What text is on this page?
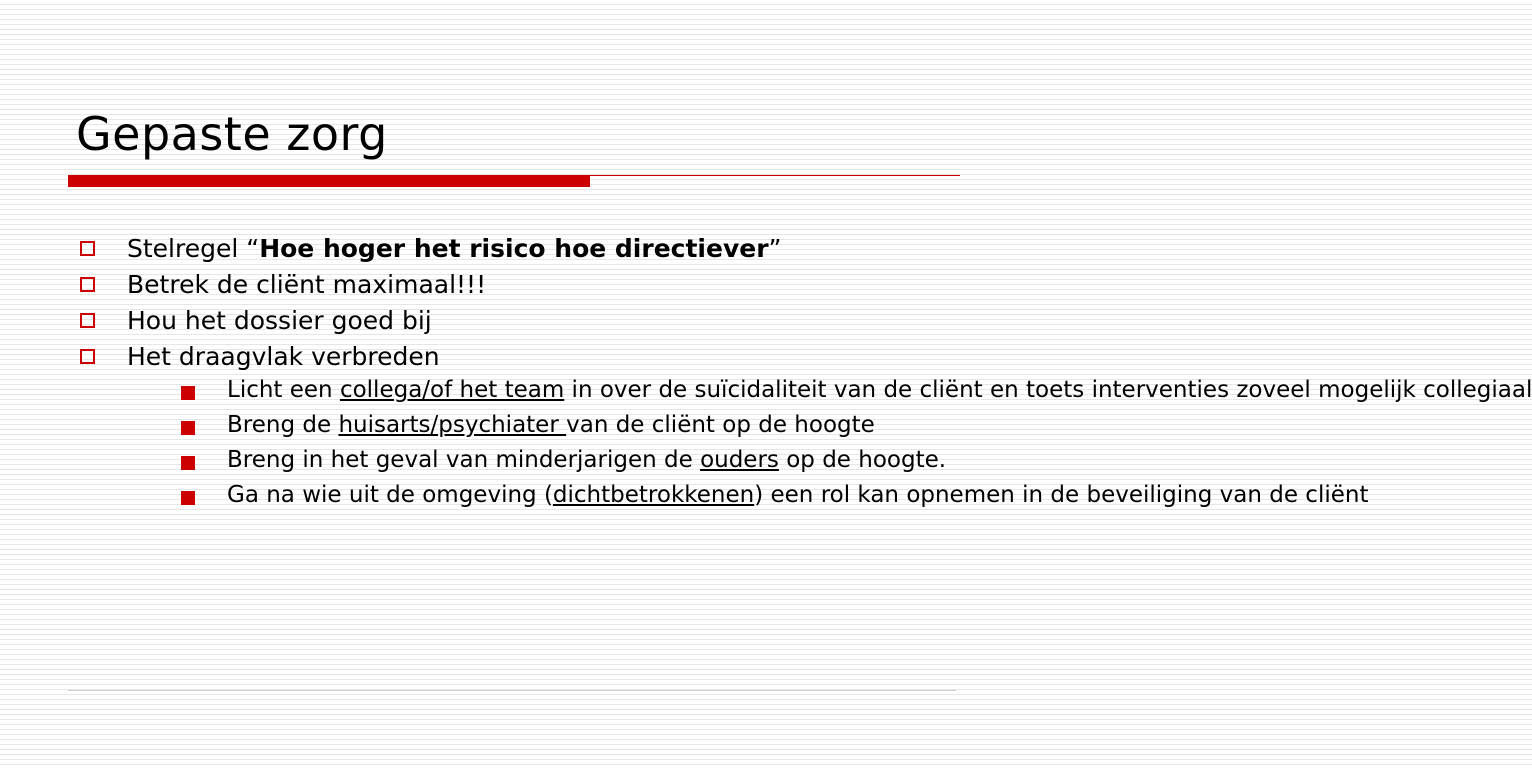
Gepaste zorg
Stelregel “Hoe hoger het risico hoe directiever”
Betrek de cliënt maximaal!!!
Hou het dossier goed bij
Het draagvlak verbreden
Licht een collega/of het team in over de suïcidaliteit van de cliënt en toets interventies zoveel mogelijk collegiaal
Breng de huisarts/psychiater van de cliënt op de hoogte
Breng in het geval van minderjarigen de ouders op de hoogte.
Ga na wie uit de omgeving (dichtbetrokkenen) een rol kan opnemen in de beveiliging van de cliënt
